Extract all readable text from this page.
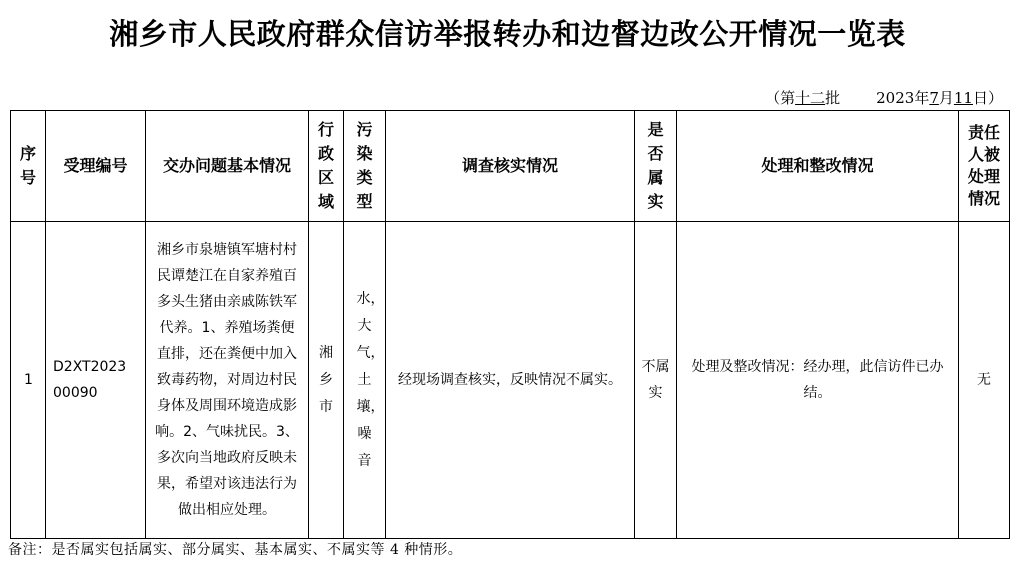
湘乡市人民政府群众信访举报转办和边督边改公开情况一览表
（第十二批 2023年7月11日）
序号	受理编号	交办问题基本情况	行政区域	污染类型	调查核实情况	是否属实	处理和整改情况	责任人被处理情况
1	D2XT202300090	湘乡市泉塘镇军塘村村民谭楚江在自家养殖百多头生猪由亲戚陈铁军代养。1、养殖场粪便直排，还在粪便中加入致毒药物，对周边村民身体及周围环境造成影响。2、气味扰民。3、多次向当地政府反映未果，希望对该违法行为做出相应处理。	湘乡市	水，大气，土壤，噪音	经现场调查核实，反映情况不属实。	不属实	处理及整改情况：经办理，此信访件已办结。	无
备注：是否属实包括属实、部分属实、基本属实、不属实等 4 种情形。
